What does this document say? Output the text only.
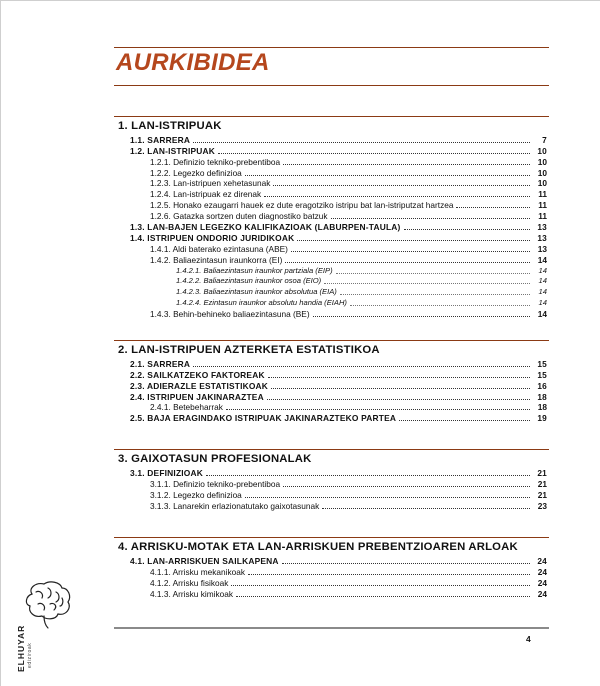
AURKIBIDEA
1. LAN-ISTRIPUAK
1.1. SARRERA	7
1.2. LAN-ISTRIPUAK	10
1.2.1. Definizio tekniko-prebentiboa	10
1.2.2. Legezko definizioa	10
1.2.3. Lan-istripuen xehetasunak	10
1.2.4. Lan-istripuak ez direnak	11
1.2.5. Honako ezaugarri hauek ez dute eragotziko istripu bat lan-istriputzat hartzea	11
1.2.6. Gatazka sortzen duten diagnostiko batzuk	11
1.3. LAN-BAJEN LEGEZKO KALIFIKAZIOAK (LABURPEN-TAULA)	13
1.4. ISTRIPUEN ONDORIO JURIDIKOAK	13
1.4.1. Aldi baterako ezintasuna (ABE)	13
1.4.2. Baliaezintasun iraunkorra (EI)	14
1.4.2.1. Baliaezintasun iraunkor partziala (EIP)	14
1.4.2.2. Baliaezintasun iraunkor osoa (EIO)	14
1.4.2.3. Baliaezintasun iraunkor absolutua (EIA)	14
1.4.2.4. Ezintasun iraunkor absolutu handia (EIAH)	14
1.4.3. Behin-behineko baliaezintasuna (BE)	14
2. LAN-ISTRIPUEN AZTERKETA ESTATISTIKOA
2.1. SARRERA	15
2.2. SAILKATZEKO FAKTOREAK	15
2.3. ADIERAZLE ESTATISTIKOAK	16
2.4. ISTRIPUEN JAKINARAZTEA	18
2.4.1. Betebeharrak	18
2.5. BAJA ERAGINDAKO ISTRIPUAK JAKINARAZTEKO PARTEA	19
3. GAIXOTASUN PROFESIONALAK
3.1. DEFINIZIOAK	21
3.1.1. Definizio tekniko-prebentiboa	21
3.1.2. Legezko definizioa	21
3.1.3. Lanarekin erlazionatutako gaixotasunak	23
4. ARRISKU-MOTAK ETA LAN-ARRISKUEN PREBENTZIOAREN ARLOAK
4.1. LAN-ARRISKUEN SAILKAPENA	24
4.1.1. Arrisku mekanikoak	24
4.1.2. Arrisku fisikoak	24
4.1.3. Arrisku kimikoak	24
4
ELHUYAR ediziroak
